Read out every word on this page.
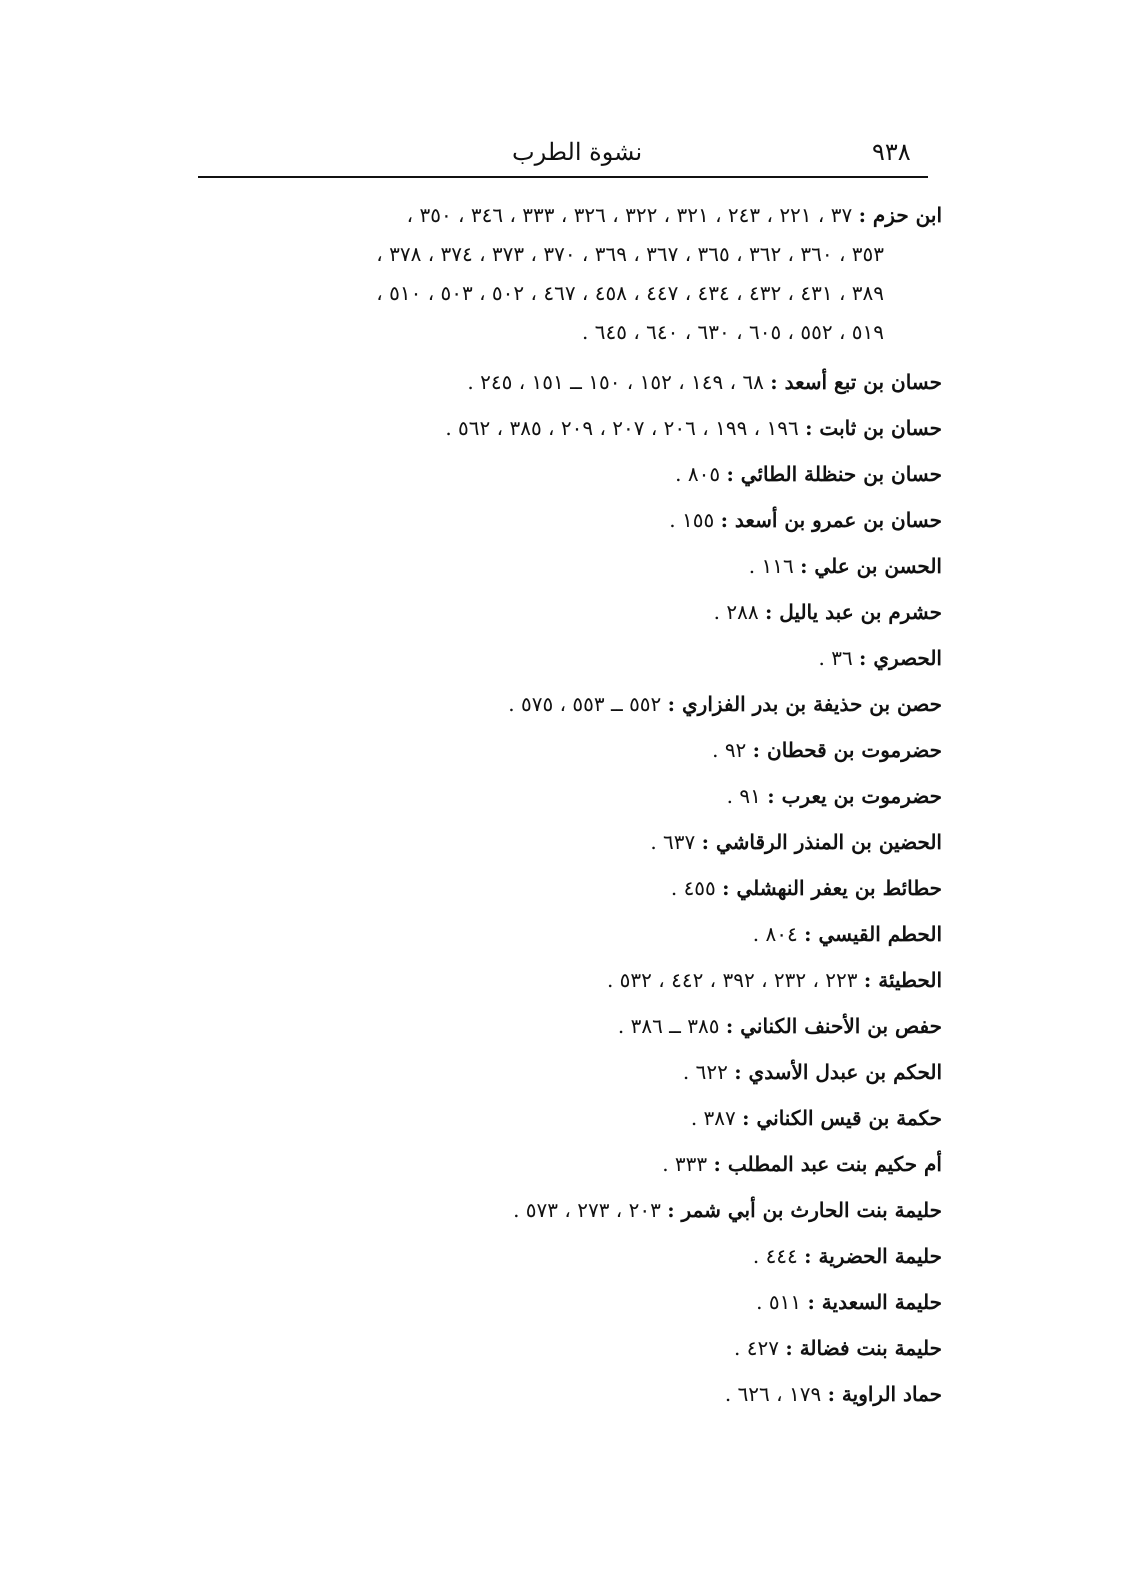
٩٣٨
نشوة الطرب
ابن حزم : ٣٧ ، ٢٢١ ، ٢٤٣ ، ٣٢١ ، ٣٢٢ ، ٣٢٦ ، ٣٣٣ ، ٣٤٦ ، ٣٥٠ ،
٣٥٣ ، ٣٦٠ ، ٣٦٢ ، ٣٦٥ ، ٣٦٧ ، ٣٦٩ ، ٣٧٠ ، ٣٧٣ ، ٣٧٤ ، ٣٧٨ ،
٣٨٩ ، ٤٣١ ، ٤٣٢ ، ٤٣٤ ، ٤٤٧ ، ٤٥٨ ، ٤٦٧ ، ٥٠٢ ، ٥٠٣ ، ٥١٠ ،
٥١٩ ، ٥٥٢ ، ٦٠٥ ، ٦٣٠ ، ٦٤٠ ، ٦٤٥ .
حسان بن تبع أسعد : ٦٨ ، ١٤٩ ، ١٥٢ ، ١٥٠ ــ ١٥١ ، ٢٤٥ .
حسان بن ثابت : ١٩٦ ، ١٩٩ ، ٢٠٦ ، ٢٠٧ ، ٢٠٩ ، ٣٨٥ ، ٥٦٢ .
حسان بن حنظلة الطائي : ٨٠٥ .
حسان بن عمرو بن أسعد : ١٥٥ .
الحسن بن علي : ١١٦ .
حشرم بن عبد ياليل : ٢٨٨ .
الحصري : ٣٦ .
حصن بن حذيفة بن بدر الفزاري : ٥٥٢ ــ ٥٥٣ ، ٥٧٥ .
حضرموت بن قحطان : ٩٢ .
حضرموت بن يعرب : ٩١ .
الحضين بن المنذر الرقاشي : ٦٣٧ .
حطائط بن يعفر النهشلي : ٤٥٥ .
الحطم القيسي : ٨٠٤ .
الحطيئة : ٢٢٣ ، ٢٣٢ ، ٣٩٢ ، ٤٤٢ ، ٥٣٢ .
حفص بن الأحنف الكناني : ٣٨٥ ــ ٣٨٦ .
الحكم بن عبدل الأسدي : ٦٢٢ .
حكمة بن قيس الكناني : ٣٨٧ .
أم حكيم بنت عبد المطلب : ٣٣٣ .
حليمة بنت الحارث بن أبي شمر : ٢٠٣ ، ٢٧٣ ، ٥٧٣ .
حليمة الحضرية : ٤٤٤ .
حليمة السعدية : ٥١١ .
حليمة بنت فضالة : ٤٢٧ .
حماد الراوية : ١٧٩ ، ٦٢٦ .
